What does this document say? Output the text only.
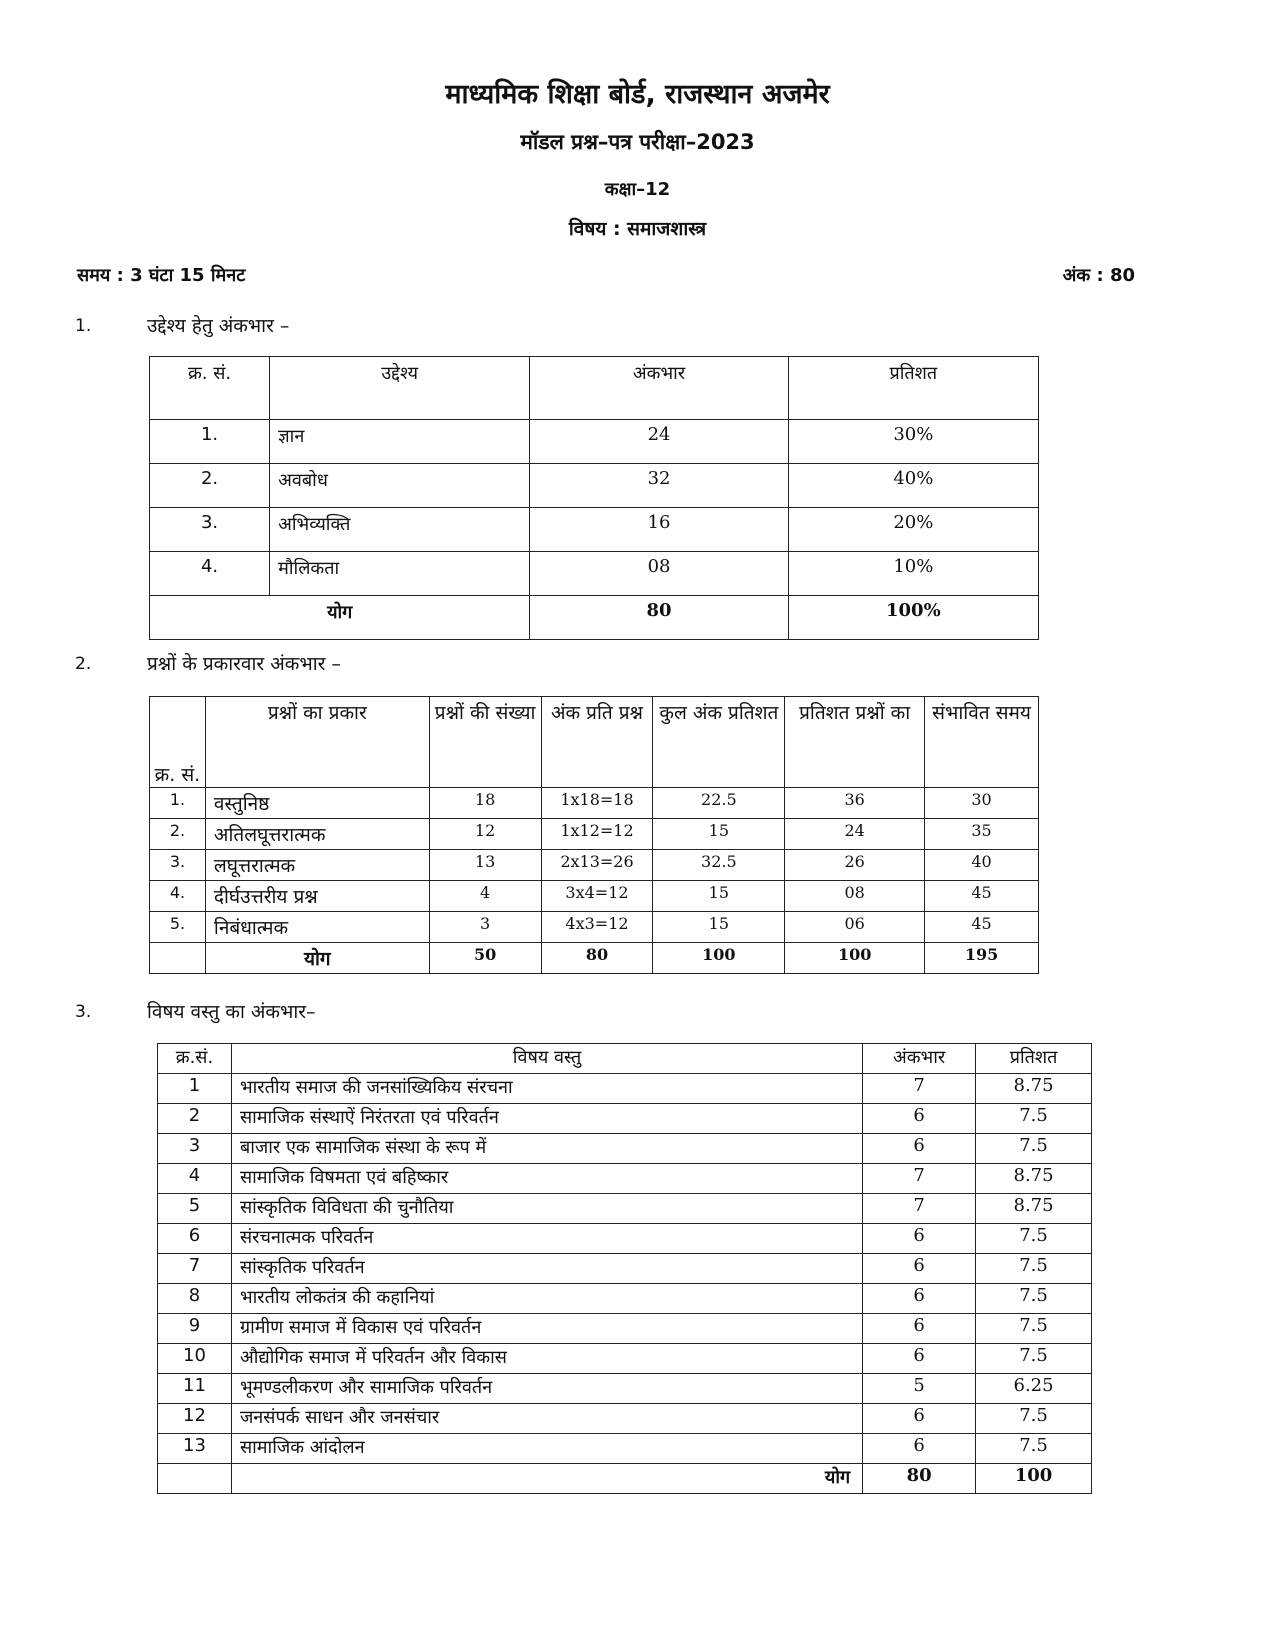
माध्यमिक शिक्षा बोर्ड, राजस्थान अजमेर
मॉडल प्रश्न–पत्र परीक्षा–2023
कक्षा–12
विषय : समाजशास्त्र
समय : 3 घंटा 15 मिनट	अंक : 80
1.	उद्देश्य हेतु अंकभार –
क्र. सं.	उद्देश्य	अंकभार	प्रतिशत
1.	ज्ञान	24	30%
2.	अवबोध	32	40%
3.	अभिव्यक्ति	16	20%
4.	मौलिकता	08	10%
योग		80	100%
2.	प्रश्नों के प्रकारवार अंकभार –
क्र. सं.	प्रश्नों का प्रकार	प्रश्नों की संख्या	अंक प्रति प्रश्न	कुल अंक प्रतिशत	प्रतिशत प्रश्नों का	संभावित समय
1.	वस्तुनिष्ठ	18	1x18=18	22.5	36	30
2.	अतिलघूत्तरात्मक	12	1x12=12	15	24	35
3.	लघूत्तरात्मक	13	2x13=26	32.5	26	40
4.	दीर्घउत्तरीय प्रश्न	4	3x4=12	15	08	45
5.	निबंधात्मक	3	4x3=12	15	06	45
	योग	50	80	100	100	195
3.	विषय वस्तु का अंकभार–
क्र.सं.	विषय वस्तु	अंकभार	प्रतिशत
1	भारतीय समाज की जनसांख्यिकिय संरचना	7	8.75
2	सामाजिक संस्थाऐं निरंतरता एवं परिवर्तन	6	7.5
3	बाजार एक सामाजिक संस्था के रूप में	6	7.5
4	सामाजिक विषमता एवं बहिष्कार	7	8.75
5	सांस्कृतिक विविधता की चुनौतिया	7	8.75
6	संरचनात्मक परिवर्तन	6	7.5
7	सांस्कृतिक परिवर्तन	6	7.5
8	भारतीय लोकतंत्र की कहानियां	6	7.5
9	ग्रामीण समाज में विकास एवं परिवर्तन	6	7.5
10	औद्योगिक समाज में परिवर्तन और विकास	6	7.5
11	भूमण्डलीकरण और सामाजिक परिवर्तन	5	6.25
12	जनसंपर्क साधन और जनसंचार	6	7.5
13	सामाजिक आंदोलन	6	7.5
	योग	80	100
